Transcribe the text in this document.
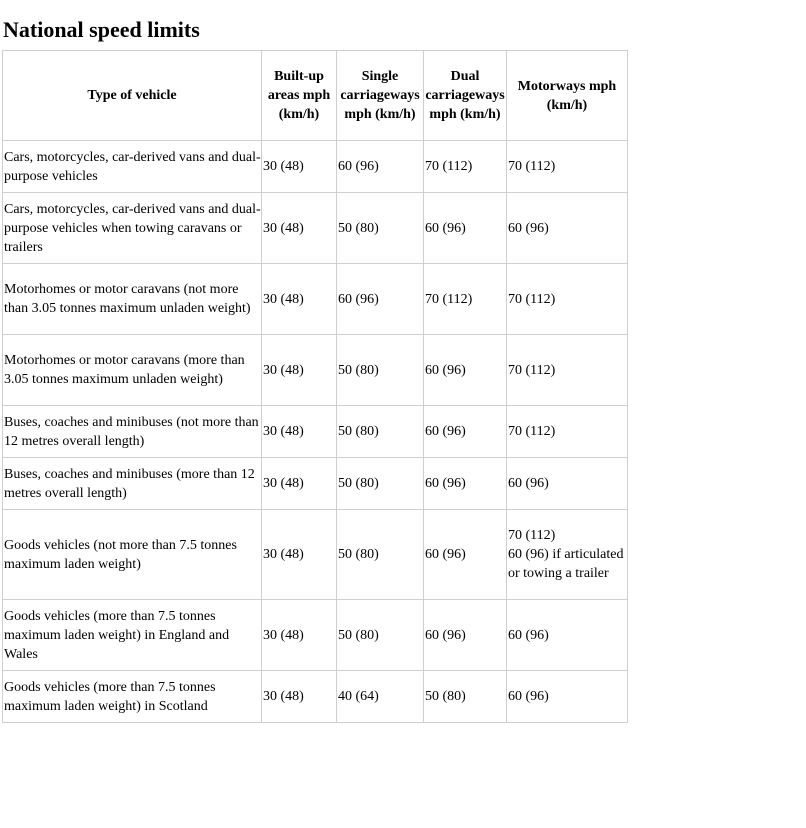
National speed limits
Type of vehicle	Built-up areas mph (km/h)	Single carriageways mph (km/h)	Dual carriageways mph (km/h)	Motorways mph (km/h)
Cars, motorcycles, car-derived vans and dual-purpose vehicles	30 (48)	60 (96)	70 (112)	70 (112)

Cars, motorcycles, car-derived vans and dual-purpose vehicles when towing caravans or trailers	30 (48)	50 (80)	60 (96)	60 (96)

Motorhomes or motor caravans (not more than 3.05 tonnes maximum unladen weight)	30 (48)	60 (96)	70 (112)	70 (112)

Motorhomes or motor caravans (more than 3.05 tonnes maximum unladen weight)	30 (48)	50 (80)	60 (96)	70 (112)

Buses, coaches and minibuses (not more than 12 metres overall length)	30 (48)	50 (80)	60 (96)	70 (112)

Buses, coaches and minibuses (more than 12 metres overall length)	30 (48)	50 (80)	60 (96)	60 (96)

Goods vehicles (not more than 7.5 tonnes maximum laden weight)	30 (48)	50 (80)	60 (96)	70 (112)
60 (96) if articulated or towing a trailer

Goods vehicles (more than 7.5 tonnes maximum laden weight) in England and Wales	30 (48)	50 (80)	60 (96)	60 (96)

Goods vehicles (more than 7.5 tonnes maximum laden weight) in Scotland	30 (48)	40 (64)	50 (80)	60 (96)
